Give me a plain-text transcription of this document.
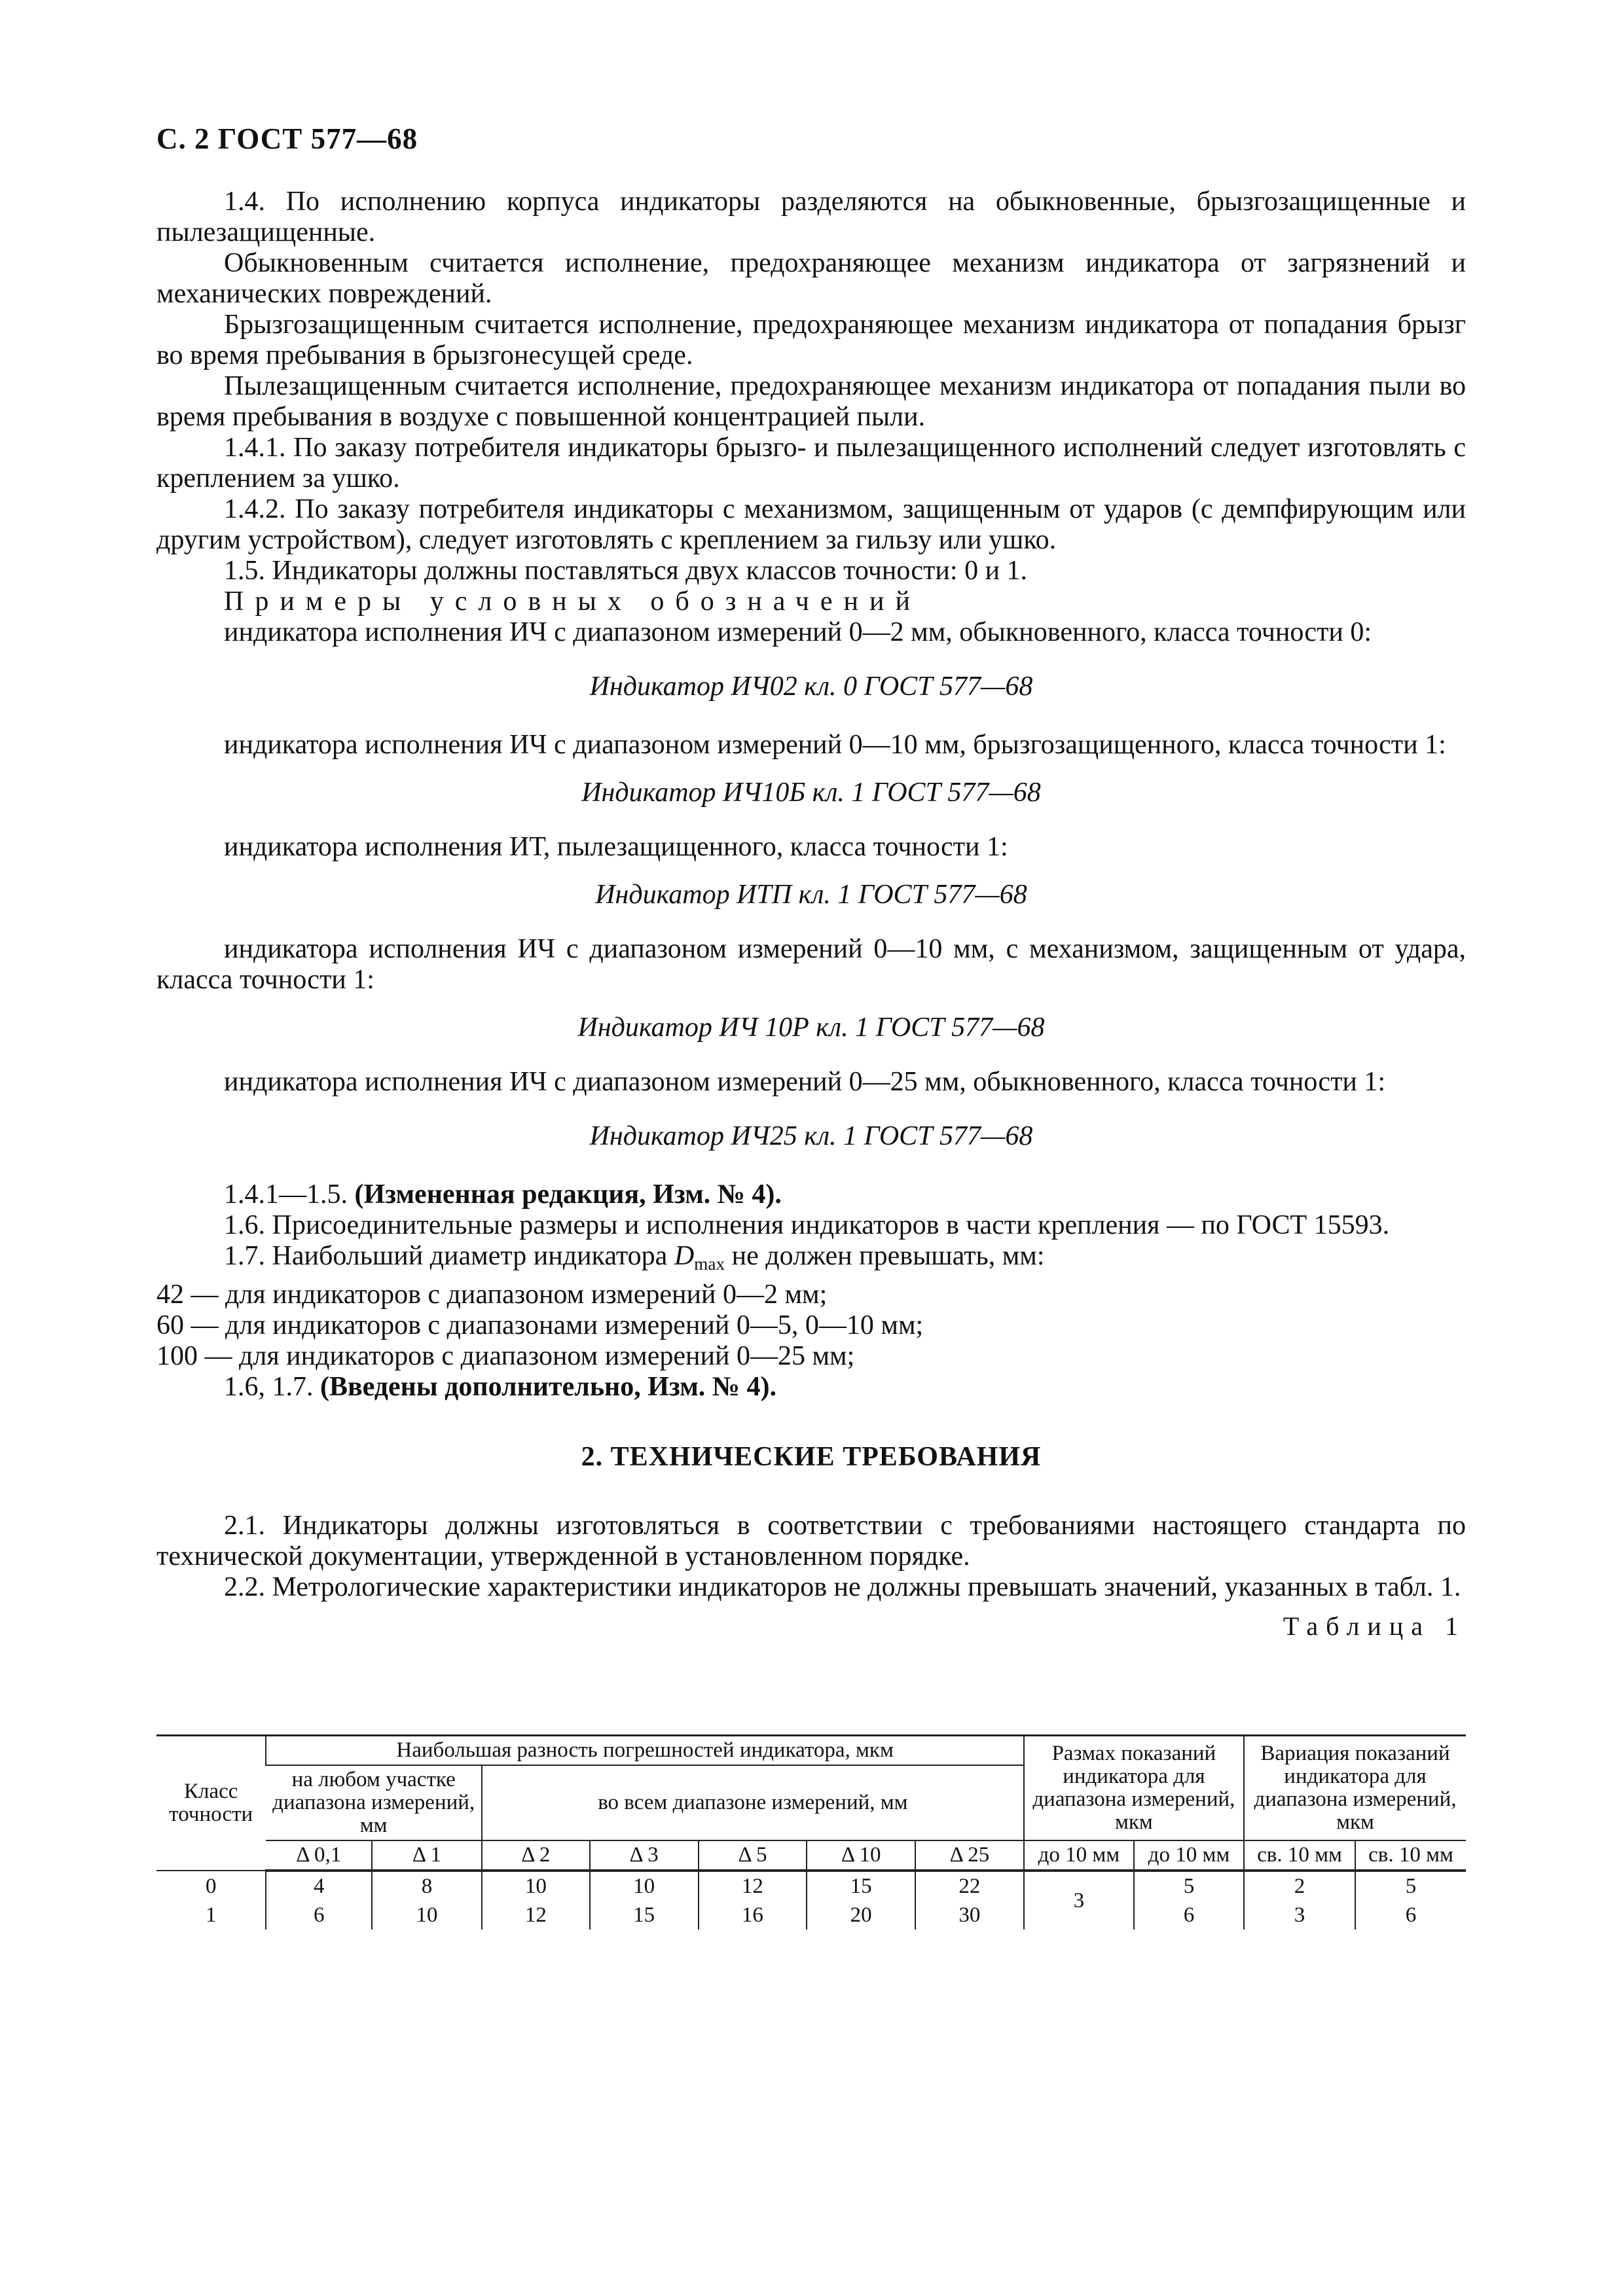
С. 2 ГОСТ 577—68

1.4. По исполнению корпуса индикаторы разделяются на обыкновенные, брызгозащищенные и пылезащищенные.

Обыкновенным считается исполнение, предохраняющее механизм индикатора от загрязнений и механических повреждений.

Брызгозащищенным считается исполнение, предохраняющее механизм индикатора от попадания брызг во время пребывания в брызгонесущей среде.

Пылезащищенным считается исполнение, предохраняющее механизм индикатора от попадания пыли во время пребывания в воздухе с повышенной концентрацией пыли.

1.4.1. По заказу потребителя индикаторы брызго- и пылезащищенного исполнений следует изготовлять с креплением за ушко.

1.4.2. По заказу потребителя индикаторы с механизмом, защищенным от ударов (с демпфирующим или другим устройством), следует изготовлять с креплением за гильзу или ушко.

1.5. Индикаторы должны поставляться двух классов точности: 0 и 1.

Примеры условных обозначений

индикатора исполнения ИЧ с диапазоном измерений 0—2 мм, обыкновенного, класса точности 0:

Индикатор ИЧ02 кл. 0 ГОСТ 577—68

индикатора исполнения ИЧ с диапазоном измерений 0—10 мм, брызгозащищенного, класса точности 1:

Индикатор ИЧ10Б кл. 1 ГОСТ 577—68

индикатора исполнения ИТ, пылезащищенного, класса точности 1:

Индикатор ИТП кл. 1 ГОСТ 577—68

индикатора исполнения ИЧ с диапазоном измерений 0—10 мм, с механизмом, защищенным от удара, класса точности 1:

Индикатор ИЧ 10Р кл. 1 ГОСТ 577—68

индикатора исполнения ИЧ с диапазоном измерений 0—25 мм, обыкновенного, класса точности 1:

Индикатор ИЧ25 кл. 1 ГОСТ 577—68

1.4.1—1.5. (Измененная редакция, Изм. № 4).

1.6. Присоединительные размеры и исполнения индикаторов в части крепления — по ГОСТ 15593.

1.7. Наибольший диаметр индикатора $D_{max}$ не должен превышать, мм:

42 — для индикаторов с диапазоном измерений 0—2 мм;

60 — для индикаторов с диапазонами измерений 0—5, 0—10 мм;

100 — для индикаторов с диапазоном измерений 0—25 мм;

1.6, 1.7. (Введены дополнительно, Изм. № 4).

2. ТЕХНИЧЕСКИЕ ТРЕБОВАНИЯ

2.1. Индикаторы должны изготовляться в соответствии с требованиями настоящего стандарта по технической документации, утвержденной в установленном порядке.

2.2. Метрологические характеристики индикаторов не должны превышать значений, указанных в табл. 1.

Таблица 1
Класс точности	Наибольшая разность погрешностей индикатора, мкм							Размах показаний индикатора для диапазона измерений, мкм		Вариация показаний индикатора для диапазона измерений, мкм	
	на любом участке диапазона измерений, мм		во всем диапазоне измерений, мм								
	Δ 0,1	Δ 1	Δ 2	Δ 3	Δ 5	Δ 10	Δ 25	до 10 мм	до 10 мм	св. 10 мм	св. 10 мм
0	4	8	10	10	12	15	22	3	5	2	5
1	6	10	12	15	16	20	30		6	3	6
